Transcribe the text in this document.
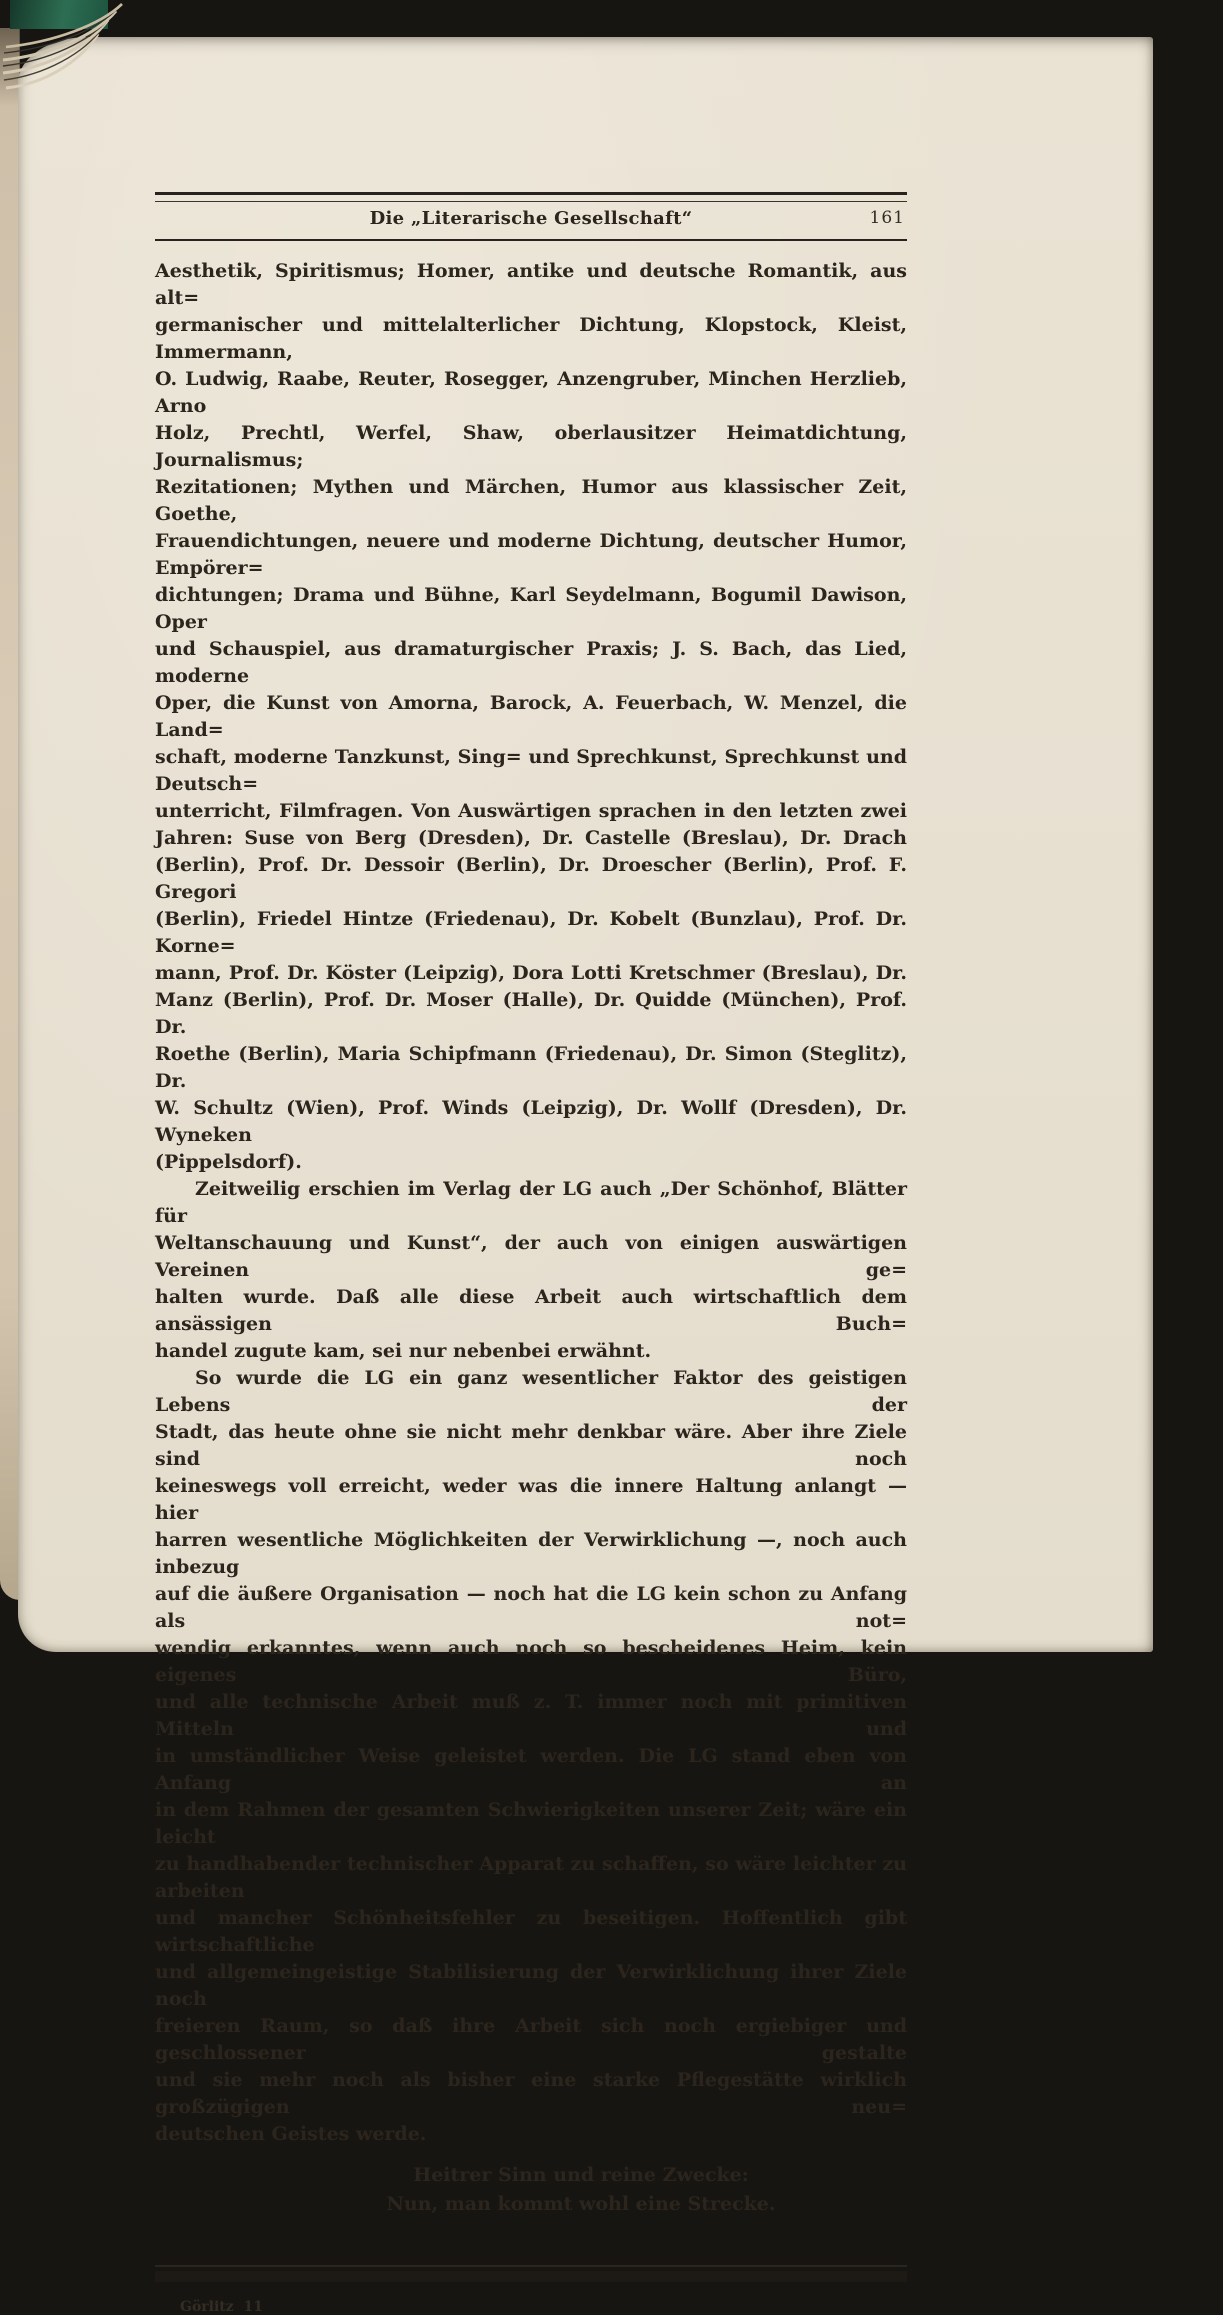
Die „Literarische Gesellschaft“	161
Aesthetik, Spiritismus; Homer, antike und deutsche Romantik, aus alt=
germanischer und mittelalterlicher Dichtung, Klopstock, Kleist, Immermann,
O. Ludwig, Raabe, Reuter, Rosegger, Anzengruber, Minchen Herzlieb, Arno
Holz, Prechtl, Werfel, Shaw, oberlausitzer Heimatdichtung, Journalismus;
Rezitationen; Mythen und Märchen, Humor aus klassischer Zeit, Goethe,
Frauendichtungen, neuere und moderne Dichtung, deutscher Humor, Empörer=
dichtungen; Drama und Bühne, Karl Seydelmann, Bogumil Dawison, Oper
und Schauspiel, aus dramaturgischer Praxis; J. S. Bach, das Lied, moderne
Oper, die Kunst von Amorna, Barock, A. Feuerbach, W. Menzel, die Land=
schaft, moderne Tanzkunst, Sing= und Sprechkunst, Sprechkunst und Deutsch=
unterricht, Filmfragen. Von Auswärtigen sprachen in den letzten zwei
Jahren: Suse von Berg (Dresden), Dr. Castelle (Breslau), Dr. Drach
(Berlin), Prof. Dr. Dessoir (Berlin), Dr. Droescher (Berlin), Prof. F. Gregori
(Berlin), Friedel Hintze (Friedenau), Dr. Kobelt (Bunzlau), Prof. Dr. Korne=
mann, Prof. Dr. Köster (Leipzig), Dora Lotti Kretschmer (Breslau), Dr.
Manz (Berlin), Prof. Dr. Moser (Halle), Dr. Quidde (München), Prof. Dr.
Roethe (Berlin), Maria Schipfmann (Friedenau), Dr. Simon (Steglitz), Dr.
W. Schultz (Wien), Prof. Winds (Leipzig), Dr. Wollf (Dresden), Dr. Wyneken
(Pippelsdorf).
Zeitweilig erschien im Verlag der LG auch „Der Schönhof, Blätter für
Weltanschauung und Kunst“, der auch von einigen auswärtigen Vereinen ge=
halten wurde. Daß alle diese Arbeit auch wirtschaftlich dem ansässigen Buch=
handel zugute kam, sei nur nebenbei erwähnt.
So wurde die LG ein ganz wesentlicher Faktor des geistigen Lebens der
Stadt, das heute ohne sie nicht mehr denkbar wäre. Aber ihre Ziele sind noch
keineswegs voll erreicht, weder was die innere Haltung anlangt — hier
harren wesentliche Möglichkeiten der Verwirklichung —, noch auch inbezug
auf die äußere Organisation — noch hat die LG kein schon zu Anfang als not=
wendig erkanntes, wenn auch noch so bescheidenes Heim, kein eigenes Büro,
und alle technische Arbeit muß z. T. immer noch mit primitiven Mitteln und
in umständlicher Weise geleistet werden. Die LG stand eben von Anfang an
in dem Rahmen der gesamten Schwierigkeiten unserer Zeit; wäre ein leicht
zu handhabender technischer Apparat zu schaffen, so wäre leichter zu arbeiten
und mancher Schönheitsfehler zu beseitigen. Hoffentlich gibt wirtschaftliche
und allgemeingeistige Stabilisierung der Verwirklichung ihrer Ziele noch
freieren Raum, so daß ihre Arbeit sich noch ergiebiger und geschlossener gestalte
und sie mehr noch als bisher eine starke Pflegestätte wirklich großzügigen neu=
deutschen Geistes werde.
Heitrer Sinn und reine Zwecke:
Nun, man kommt wohl eine Strecke.
Görlitz  11
